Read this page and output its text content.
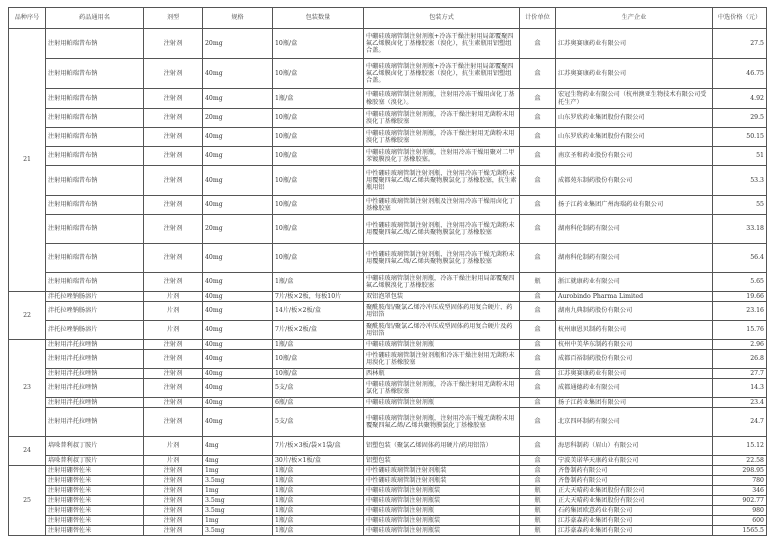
品种序号	药品通用名	剂型	规格	包装数量	包装方式	计价单位	生产企业	中选价格（元）
21	注射用帕瑞昔布钠	注射剂	20mg	10瓶/盒	中硼硅玻璃管制注射剂瓶+冷冻干燥注射用局部覆聚四氟乙烯膜卤化丁基橡胶塞（溴化），抗生素瓶用铝塑组合盖。	盒	江苏奥赛康药业有限公司	27.5
	注射用帕瑞昔布钠	注射剂	40mg	10瓶/盒	中硼硅玻璃管制注射剂瓶+冷冻干燥注射用局部覆聚四氟乙烯膜卤化丁基橡胶塞（溴化），抗生素瓶用铝塑组合盖。	盒	江苏奥赛康药业有限公司	46.75
	注射用帕瑞昔布钠	注射剂	40mg	1瓶/盒	中硼硅玻璃管制注射剂瓶，注射用冷冻干燥用卤化丁基橡胶塞（溴化）。	盒	宏冠生物药业有限公司（杭州澳亚生物技术有限公司受托生产）	4.92
	注射用帕瑞昔布钠	注射剂	20mg	10瓶/盒	中硼硅玻璃管制注射剂瓶，冷冻干燥注射用无菌粉末用溴化丁基橡胶塞	盒	山东罗欣药业集团股份有限公司	29.5
	注射用帕瑞昔布钠	注射剂	40mg	10瓶/盒	中硼硅玻璃管制注射剂瓶，冷冻干燥注射用无菌粉末用溴化丁基橡胶塞	盒	山东罗欣药业集团股份有限公司	50.15
	注射用帕瑞昔布钠	注射剂	40mg	10瓶/盒	中硼硅玻璃管制注射剂瓶，注射用冷冻干燥用聚对二甲苯镀膜溴化丁基橡胶塞。	盒	南京圣和药业股份有限公司	51
	注射用帕瑞昔布钠	注射剂	40mg	10瓶/盒	中性硼硅玻璃管制注射剂瓶，注射用冷冻干燥无菌粉末用覆聚四氟乙烯/乙烯共聚物膜氯化丁基橡胶塞，抗生素瓶用铝	盒	成都苑东制药股份有限公司	53.3
	注射用帕瑞昔布钠	注射剂	40mg	10瓶/盒	中性硼硅玻璃管制注射剂瓶及注射用冷冻干燥用卤化丁基橡胶塞	盒	扬子江药业集团广州海瑞药业有限公司	55
	注射用帕瑞昔布钠	注射剂	20mg	10瓶/盒	中性硼硅玻璃管制注射剂瓶、注射用冷冻干燥无菌粉末用覆聚四氟乙烯/乙烯共聚物膜氯化丁基橡胶塞	盒	湖南科伦制药有限公司	33.18
	注射用帕瑞昔布钠	注射剂	40mg	10瓶/盒	中性硼硅玻璃管制注射剂瓶、注射用冷冻干燥无菌粉末用覆聚四氟乙烯/乙烯共聚物膜氯化丁基橡胶塞	盒	湖南科伦制药有限公司	56.4
	注射用帕瑞昔布钠	注射剂	40mg	1瓶/盒	中硼硅玻璃管制注射剂瓶，冷冻干燥注射用局部覆聚四氟乙烯膜溴化丁基橡胶塞	瓶	浙江就康药业有限公司	5.65
22	泮托拉唑钠肠溶片	片剂	40mg	7片/板×2板，每板10片	双铝泡罩包装	盒	Aurobindo Pharma Limited	19.66
	泮托拉唑钠肠溶片	片剂	40mg	14片/板×2板/盒	聚酰胺/铝/聚氯乙烯冷冲压成型固体药用复合硬片、药用铝箔	盒	湖南九典制药股份有限公司	23.16
	泮托拉唑钠肠溶片	片剂	40mg	7片/板×2板/盒	聚酰胺/铝/聚氯乙烯冷冲压成型固体药用复合硬片及药用铝箔	盒	杭州康恩贝制药有限公司	15.76
23	注射用泮托拉唑钠	注射剂	40mg	1瓶/盒	中硼硅玻璃管制注射剂瓶	盒	杭州中美华东制药有限公司	2.96
	注射用泮托拉唑钠	注射剂	40mg	10瓶/盒	中性硼硅玻璃管制注射剂瓶和冷冻干燥注射用无菌粉末用溴化丁基橡胶塞	盒	成都百裕制药股份有限公司	26.8
	注射用泮托拉唑钠	注射剂	40mg	10瓶/盒	西林瓶	盒	江苏奥赛康药业有限公司	27.7
	注射用泮托拉唑钠	注射剂	40mg	5支/盒	中硼硅玻璃管制注射剂瓶，冷冻干燥注射用无菌粉末用氯化丁基橡胶塞	盒	成都通德药业有限公司	14.3
	注射用泮托拉唑钠	注射剂	40mg	6瓶/盒	中硼硅玻璃管制注射剂瓶	盒	扬子江药业集团有限公司	23.4
	注射用泮托拉唑钠	注射剂	40mg	5支/盒	中硼硅玻璃管制注射剂瓶，注射用冷冻干燥无菌粉末用覆聚四氟乙烯/乙烯共聚物膜氯化丁基橡胶塞	盒	北京四环制药有限公司	24.7
24	培哚普利叔丁胺片	片剂	4mg	7片/板×3板/袋×1袋/盒	铝塑包装（聚氯乙烯固体药用硬片/药用铝箔）	盒	海思科制药（眉山）有限公司	15.12
	培哚普利叔丁胺片	片剂	4mg	30片/板×1板/盒	铝塑包装	盒	宁波美诺华天康药业有限公司	22.58
25	注射用硼替佐米	注射剂	1mg	1瓶/盒	中性硼硅玻璃管制注射剂瓶装	盒	齐鲁制药有限公司	298.95
	注射用硼替佐米	注射剂	3.5mg	1瓶/盒	中性硼硅玻璃管制注射剂瓶装	盒	齐鲁制药有限公司	780
	注射用硼替佐米	注射剂	1mg	1瓶/盒	中硼硅玻璃管制注射剂瓶装	瓶	正大天晴药业集团股份有限公司	346
	注射用硼替佐米	注射剂	3.5mg	1瓶/盒	中硼硅玻璃管制注射剂瓶装	瓶	正大天晴药业集团股份有限公司	902.77
	注射用硼替佐米	注射剂	3.5mg	1瓶/盒	中硼硅玻璃管制注射剂瓶	瓶	石药集团欧意药业有限公司	980
	注射用硼替佐米	注射剂	1mg	1瓶/盒	中硼硅玻璃管制注射剂瓶装	瓶	江苏豪森药业集团有限公司	600
	注射用硼替佐米	注射剂	3.5mg	1瓶/盒	中硼硅玻璃管制注射剂瓶装	瓶	江苏豪森药业集团有限公司	1565.5
